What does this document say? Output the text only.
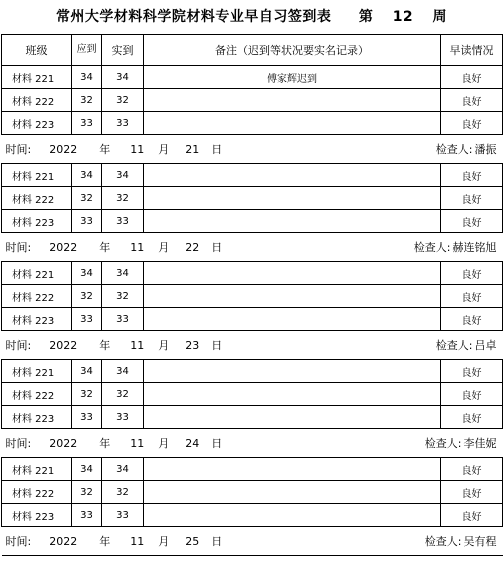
常州大学材料科学院材料专业早自习签到表 第 12 周
班级	应到	实到	备注（迟到等状况要实名记录）	早读情况
材料 221	34	34	傅家辉迟到	良好
材料 222	32	32		良好
材料 223	33	33		良好
时间: 2022 年 11 月 21 日			检查人: 潘振	
材料 221	34	34		良好
材料 222	32	32		良好
材料 223	33	33		良好
时间: 2022 年 11 月 22 日			检查人: 赫连铭旭	
材料 221	34	34		良好
材料 222	32	32		良好
材料 223	33	33		良好
时间: 2022 年 11 月 23 日			检查人: 吕卓	
材料 221	34	34		良好
材料 222	32	32		良好
材料 223	33	33		良好
时间: 2022 年 11 月 24 日			检查人: 李佳妮	
材料 221	34	34		良好
材料 222	32	32		良好
材料 223	33	33		良好
时间: 2022 年 11 月 25 日			检查人: 吴有程	
